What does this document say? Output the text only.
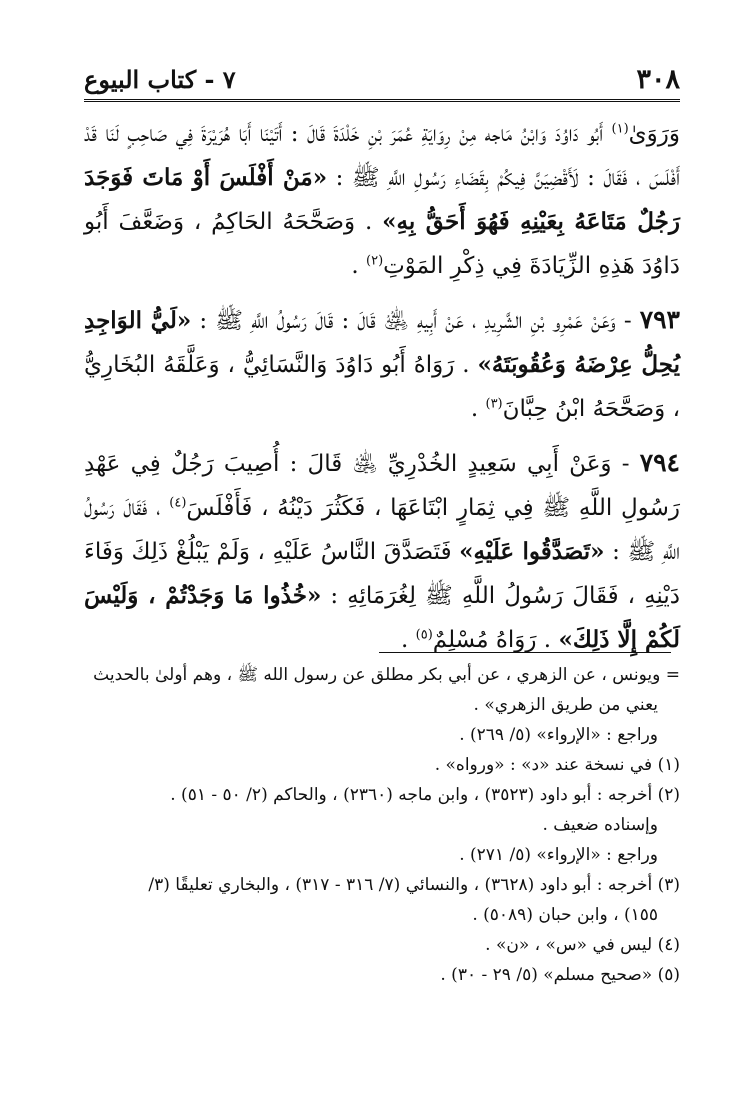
٣٠٨
٧ - كتاب البيوع

وَرَوَىٰ$^{(١)}$ أَبُو دَاوُدَ وَابْنُ مَاجه مِنْ رِوَايَةِ عُمَرَ بْنِ خَلْدَةَ قَالَ : أَتَيْنَا أَبَا هُرَيْرَةَ فِي صَاحِبٍ لَنَا قَدْ أَفْلَسَ ، فَقَالَ : لَأَقْضِيَنَّ فِيكُمْ بِقَضَاءِ رَسُولِ اللَّهِ ﷺ : «مَنْ أَفْلَسَ أَوْ مَاتَ فَوَجَدَ رَجُلٌ مَتَاعَهُ بِعَيْنِهِ فَهُوَ أَحَقُّ بِهِ» . وَصَحَّحَهُ الحَاكِمُ ، وَضَعَّفَ أَبُو دَاوُدَ هَذِهِ الزِّيَادَةَ فِي ذِكْرِ المَوْتِ$^{(٢)}$ .

٧٩٣ - وَعَنْ عَمْرِو بْنِ الشَّرِيدِ ، عَنْ أَبِيهِ ﵁ قَالَ : قَالَ رَسُولُ اللَّهِ ﷺ : «لَيُّ الوَاجِدِ يُحِلُّ عِرْضَهُ وَعُقُوبَتَهُ» . رَوَاهُ أَبُو دَاوُدَ وَالنَّسَائِيُّ ، وَعَلَّقَهُ البُخَارِيُّ ، وَصَحَّحَهُ ابْنُ حِبَّانَ$^{(٣)}$ .

٧٩٤ - وَعَنْ أَبِي سَعِيدٍ الخُدْرِيِّ ﵁ قَالَ : أُصِيبَ رَجُلٌ فِي عَهْدِ رَسُولِ اللَّهِ ﷺ فِي ثِمَارٍ ابْتَاعَهَا ، فَكَثُرَ دَيْنُهُ ، فَأَفْلَسَ$^{(٤)}$ ، فَقَالَ رَسُولُ اللَّهِ ﷺ : «تَصَدَّقُوا عَلَيْهِ» فَتَصَدَّقَ النَّاسُ عَلَيْهِ ، وَلَمْ يَبْلُغْ ذَلِكَ وَفَاءَ دَيْنِهِ ، فَقَالَ رَسُولُ اللَّهِ ﷺ لِغُرَمَائِهِ : «خُذُوا مَا وَجَدْتُمْ ، وَلَيْسَ لَكُمْ إِلَّا ذَلِكَ» . رَوَاهُ مُسْلِمٌ$^{(٥)}$ .

= ويونس ، عن الزهري ، عن أبي بكر مطلق عن رسول الله ﷺ ، وهم أولىٰ بالحديث

يعني من طريق الزهري» .

وراجع : «الإرواء» (٥/ ٢٦٩) .

(١) في نسخة عند «د» : «ورواه» .

(٢) أخرجه : أبو داود (٣٥٢٣) ، وابن ماجه (٢٣٦٠) ، والحاكم (٢/ ٥٠ - ٥١) .

وإسناده ضعيف .

وراجع : «الإرواء» (٥/ ٢٧١) .

(٣) أخرجه : أبو داود (٣٦٢٨) ، والنسائي (٧/ ٣١٦ - ٣١٧) ، والبخاري تعليقًا (٣/

١٥٥) ، وابن حبان (٥٠٨٩) .

(٤) ليس في «س» ، «ن» .

(٥) «صحيح مسلم» (٥/ ٢٩ - ٣٠) .
